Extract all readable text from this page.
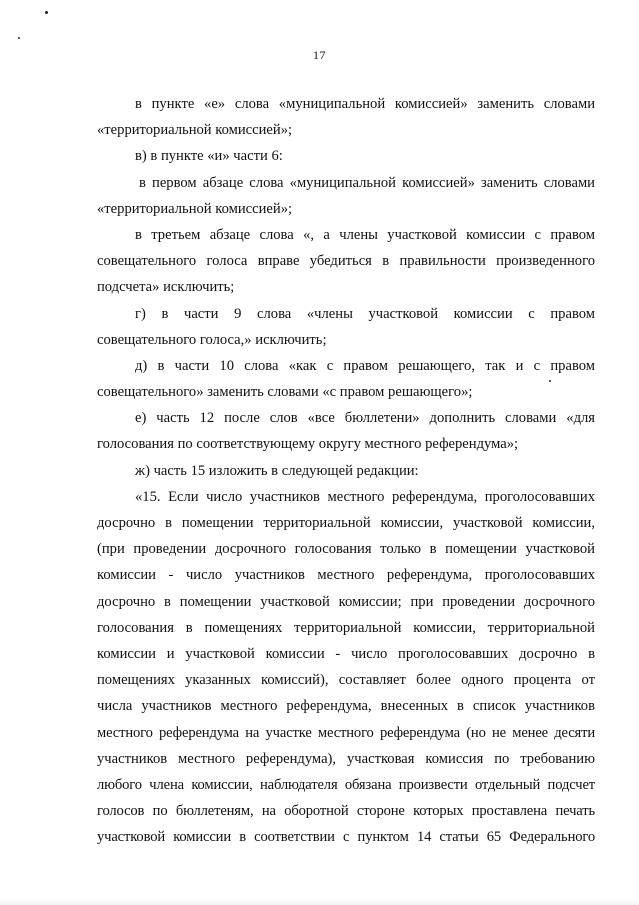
17
в пункте «е» слова «муниципальной комиссией» заменить словами
«территориальной комиссией»;
в) в пункте «и» части 6:
в первом абзаце слова «муниципальной комиссией» заменить словами
«территориальной комиссией»;
в третьем абзаце слова «, а члены участковой комиссии с правом
совещательного голоса вправе убедиться в правильности произведенного
подсчета» исключить;
г) в части 9 слова «члены участковой комиссии с правом
совещательного голоса,» исключить;
д) в части 10 слова «как с правом решающего, так и с правом
совещательного» заменить словами «с правом решающего»;
е) часть 12 после слов «все бюллетени» дополнить словами «для
голосования по соответствующему округу местного референдума»;
ж) часть 15 изложить в следующей редакции:
«15. Если число участников местного референдума, проголосовавших
досрочно в помещении территориальной комиссии, участковой комиссии,
(при проведении досрочного голосования только в помещении участковой
комиссии - число участников местного референдума, проголосовавших
досрочно в помещении участковой комиссии; при проведении досрочного
голосования в помещениях территориальной комиссии, территориальной
комиссии и участковой комиссии - число проголосовавших досрочно в
помещениях указанных комиссий), составляет более одного процента от
числа участников местного референдума, внесенных в список участников
местного референдума на участке местного референдума (но не менее десяти
участников местного референдума), участковая комиссия по требованию
любого члена комиссии, наблюдателя обязана произвести отдельный подсчет
голосов по бюллетеням, на оборотной стороне которых проставлена печать
участковой комиссии в соответствии с пунктом 14 статьи 65 Федерального
